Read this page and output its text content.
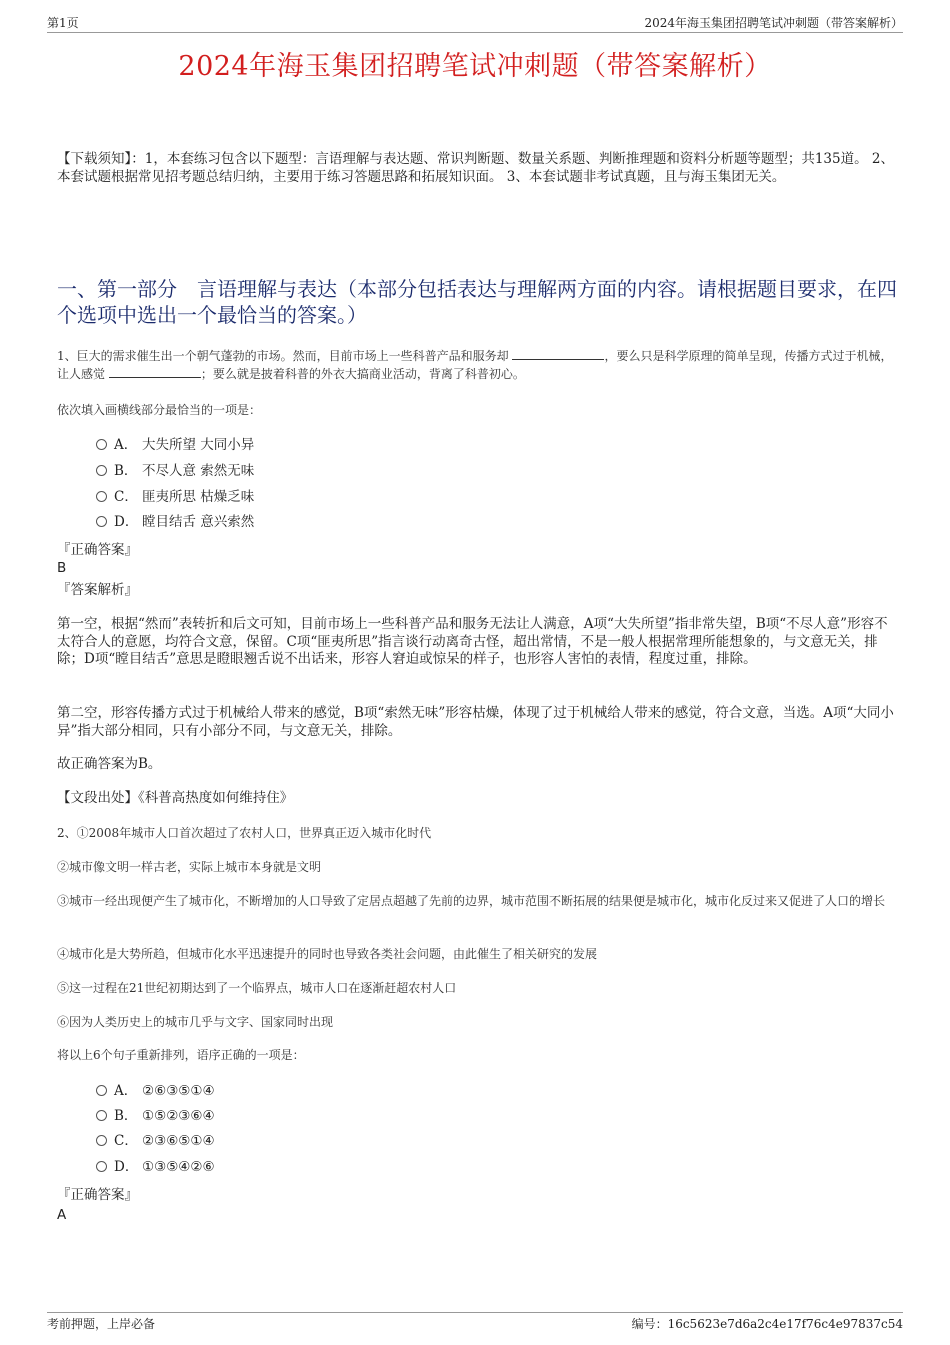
第1页	2024年海玉集团招聘笔试冲刺题（带答案解析）
2024年海玉集团招聘笔试冲刺题（带答案解析）
【下载须知】：1，本套练习包含以下题型：言语理解与表达题、常识判断题、数量关系题、判断推理题和资料分析题等题型；共135道。 2、本套试题根据常见招考题总结归纳，主要用于练习答题思路和拓展知识面。 3、本套试题非考试真题，且与海玉集团无关。
一、第一部分　言语理解与表达（本部分包括表达与理解两方面的内容。请根据题目要求，在四个选项中选出一个最恰当的答案。）
1、巨大的需求催生出一个朝气蓬勃的市场。然而，目前市场上一些科普产品和服务却	，要么只是科学原理的简单呈现，传播方式过于机械，让人感觉	；要么就是披着科普的外衣大搞商业活动，背离了科普初心。
依次填入画横线部分最恰当的一项是：
A． 大失所望 大同小异
B． 不尽人意 索然无味
C． 匪夷所思 枯燥乏味
D． 瞠目结舌 意兴索然
『正确答案』
B
『答案解析』
第一空，根据“然而”表转折和后文可知，目前市场上一些科普产品和服务无法让人满意，A项“大失所望”指非常失望，B项“不尽人意”形容不太符合人的意愿，均符合文意，保留。C项“匪夷所思”指言谈行动离奇古怪，超出常情，不是一般人根据常理所能想象的，与文意无关，排除；D项“瞠目结舌”意思是瞪眼翘舌说不出话来，形容人窘迫或惊呆的样子，也形容人害怕的表情，程度过重，排除。
第二空，形容传播方式过于机械给人带来的感觉，B项“索然无味”形容枯燥，体现了过于机械给人带来的感觉，符合文意，当选。A项“大同小异”指大部分相同，只有小部分不同，与文意无关，排除。
故正确答案为B。
【文段出处】《科普高热度如何维持住》
2、①2008年城市人口首次超过了农村人口，世界真正迈入城市化时代
②城市像文明一样古老，实际上城市本身就是文明
③城市一经出现便产生了城市化，不断增加的人口导致了定居点超越了先前的边界，城市范围不断拓展的结果便是城市化，城市化反过来又促进了人口的增长
④城市化是大势所趋，但城市化水平迅速提升的同时也导致各类社会问题，由此催生了相关研究的发展
⑤这一过程在21世纪初期达到了一个临界点，城市人口在逐渐赶超农村人口
⑥因为人类历史上的城市几乎与文字、国家同时出现
将以上6个句子重新排列，语序正确的一项是：
A． ②⑥③⑤①④
B． ①⑤②③⑥④
C． ②③⑥⑤①④
D． ①③⑤④②⑥
『正确答案』
A
考前押题，上岸必备	编号：16c5623e7d6a2c4e17f76c4e97837c54
